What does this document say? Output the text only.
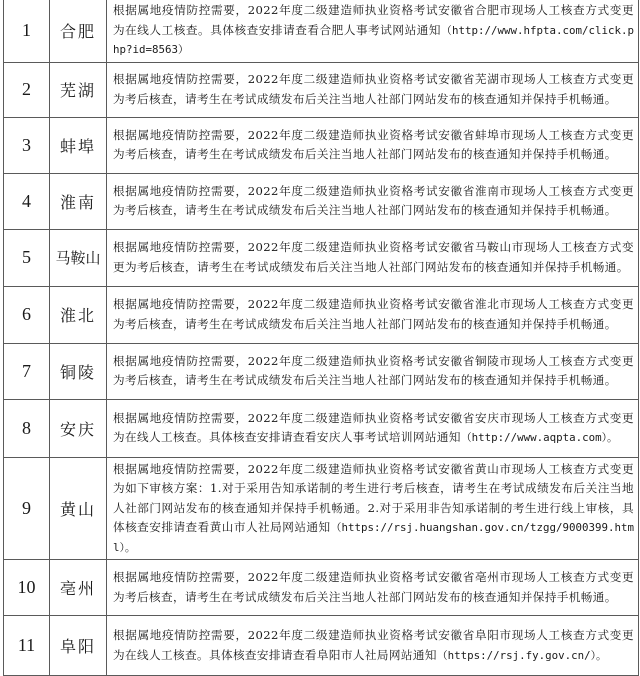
1	合肥	根据属地疫情防控需要，2022年度二级建造师执业资格考试安徽省合肥市现场人工核查方式变更为在线人工核查。具体核查安排请查看合肥人事考试网站通知（http://www.hfpta.com/click.php?id=8563）
2	芜湖	根据属地疫情防控需要，2022年度二级建造师执业资格考试安徽省芜湖市现场人工核查方式变更为考后核查，请考生在考试成绩发布后关注当地人社部门网站发布的核查通知并保持手机畅通。
3	蚌埠	根据属地疫情防控需要，2022年度二级建造师执业资格考试安徽省蚌埠市现场人工核查方式变更为考后核查，请考生在考试成绩发布后关注当地人社部门网站发布的核查通知并保持手机畅通。
4	淮南	根据属地疫情防控需要，2022年度二级建造师执业资格考试安徽省淮南市现场人工核查方式变更为考后核查，请考生在考试成绩发布后关注当地人社部门网站发布的核查通知并保持手机畅通。
5	马鞍山	根据属地疫情防控需要，2022年度二级建造师执业资格考试安徽省马鞍山市现场人工核查方式变更为考后核查，请考生在考试成绩发布后关注当地人社部门网站发布的核查通知并保持手机畅通。
6	淮北	根据属地疫情防控需要，2022年度二级建造师执业资格考试安徽省淮北市现场人工核查方式变更为考后核查，请考生在考试成绩发布后关注当地人社部门网站发布的核查通知并保持手机畅通。
7	铜陵	根据属地疫情防控需要，2022年度二级建造师执业资格考试安徽省铜陵市现场人工核查方式变更为考后核查，请考生在考试成绩发布后关注当地人社部门网站发布的核查通知并保持手机畅通。
8	安庆	根据属地疫情防控需要，2022年度二级建造师执业资格考试安徽省安庆市现场人工核查方式变更为在线人工核查。具体核查安排请查看安庆人事考试培训网站通知（http://www.aqpta.com）。
9	黄山	根据属地疫情防控需要，2022年度二级建造师执业资格考试安徽省黄山市现场人工核查方式变更为如下审核方案：1.对于采用告知承诺制的考生进行考后核查，请考生在考试成绩发布后关注当地人社部门网站发布的核查通知并保持手机畅通。2.对于采用非告知承诺制的考生进行线上审核，具体核查安排请查看黄山市人社局网站通知（https://rsj.huangshan.gov.cn/tzgg/9000399.html）。
10	亳州	根据属地疫情防控需要，2022年度二级建造师执业资格考试安徽省亳州市现场人工核查方式变更为考后核查，请考生在考试成绩发布后关注当地人社部门网站发布的核查通知并保持手机畅通。
11	阜阳	根据属地疫情防控需要，2022年度二级建造师执业资格考试安徽省阜阳市现场人工核查方式变更为在线人工核查。具体核查安排请查看阜阳市人社局网站通知（https://rsj.fy.gov.cn/）。
